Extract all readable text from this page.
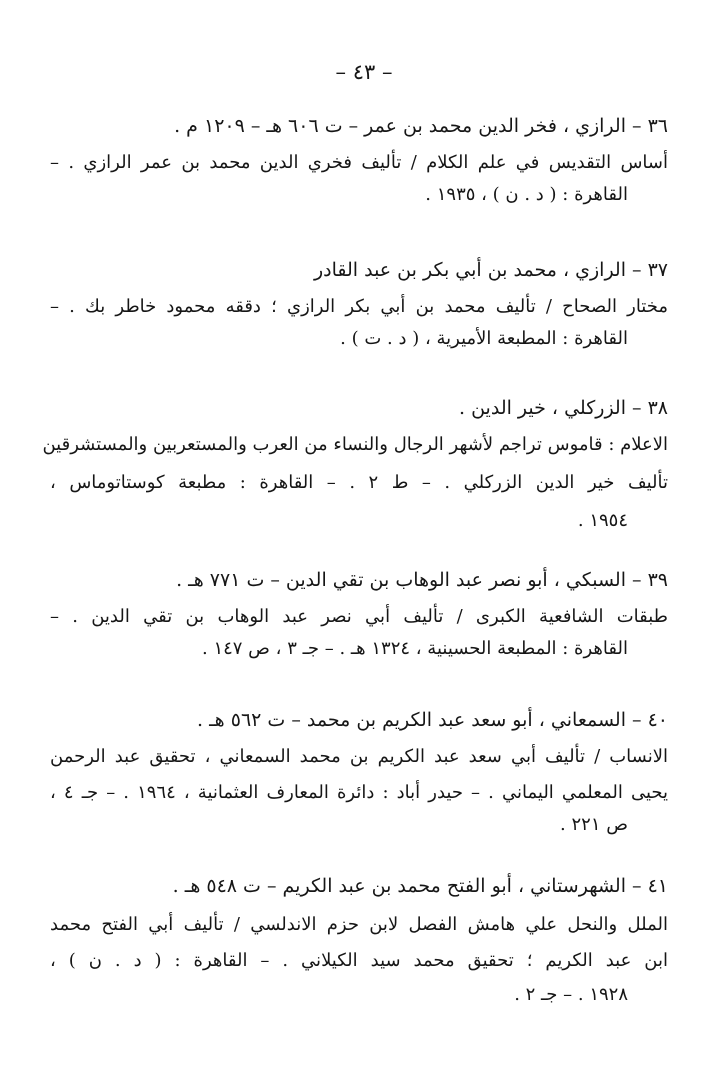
– ٤٣ –
٣٦ – الرازي ، فخر الدين محمد بن عمر – ت ٦٠٦ هـ – ١٢٠٩ م .
أساس التقديس في علم الكلام / تأليف فخري الدين محمد بن عمر الرازي . –
القاهرة : ( د . ن ) ، ١٩٣٥ .
٣٧ – الرازي ، محمد بن أبي بكر بن عبد القادر
مختار الصحاح / تأليف محمد بن أبي بكر الرازي ؛ دققه محمود خاطر بك . –
القاهرة : المطبعة الأميرية ، ( د . ت ) .
٣٨ – الزركلي ، خير الدين .
الاعلام : قاموس تراجم لأشهر الرجال والنساء من العرب والمستعربين والمستشرقين
تأليف خير الدين الزركلي . – ط ٢ . – القاهرة : مطبعة كوستاتوماس ،
١٩٥٤ .
٣٩ – السبكي ، أبو نصر عبد الوهاب بن تقي الدين – ت ٧٧١ هـ .
طبقات الشافعية الكبرى / تأليف أبي نصر عبد الوهاب بن تقي الدين . –
القاهرة : المطبعة الحسينية ، ١٣٢٤ هـ . – جـ ٣ ، ص ١٤٧ .
٤٠ – السمعاني ، أبو سعد عبد الكريم بن محمد – ت ٥٦٢ هـ .
الانساب / تأليف أبي سعد عبد الكريم بن محمد السمعاني ، تحقيق عبد الرحمن
يحيى المعلمي اليماني . – حيدر أباد : دائرة المعارف العثمانية ، ١٩٦٤ . – جـ ٤ ،
ص ٢٢١ .
٤١ – الشهرستاني ، أبو الفتح محمد بن عبد الكريم – ت ٥٤٨ هـ .
الملل والنحل علي هامش الفصل لابن حزم الاندلسي / تأليف أبي الفتح محمد
ابن عبد الكريم ؛ تحقيق محمد سيد الكيلاني . – القاهرة : ( د . ن ) ،
١٩٢٨ . – جـ ٢ .
